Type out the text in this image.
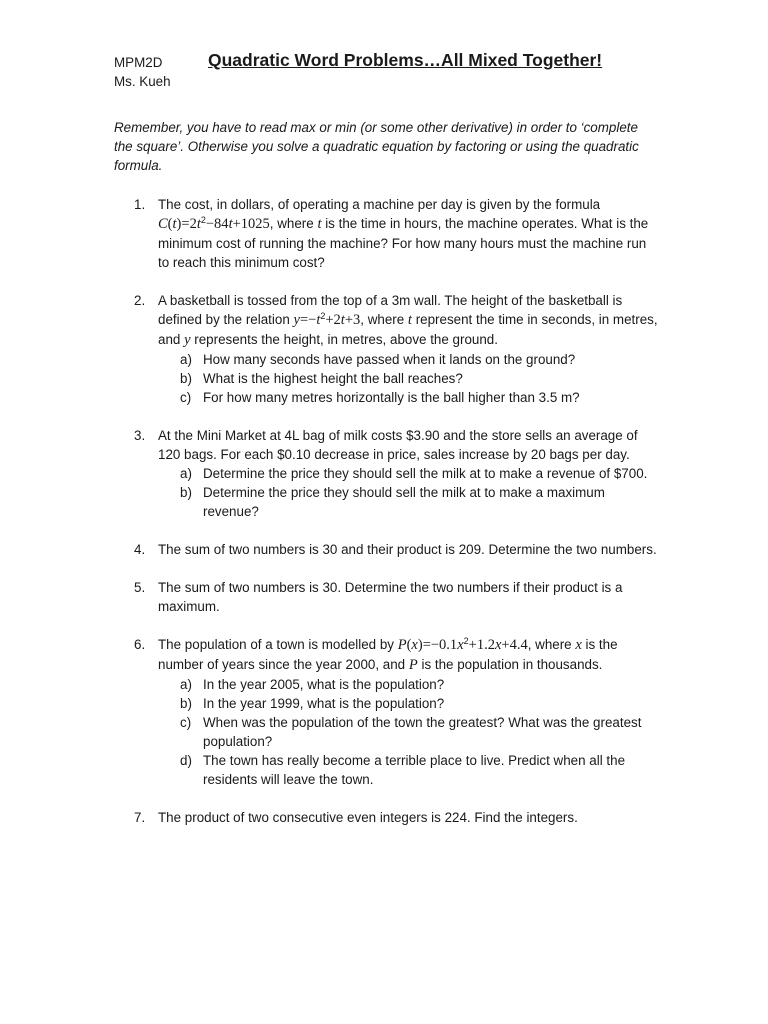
MPM2D
Ms. Kueh
Quadratic Word Problems…All Mixed Together!

Remember, you have to read max or min (or some other derivative) in order to ‘complete the square’. Otherwise you solve a quadratic equation by factoring or using the quadratic formula.

1. The cost, in dollars, of operating a machine per day is given by the formula $C(t)=2t^2-84t+1025$, where t is the time in hours, the machine operates. What is the minimum cost of running the machine? For how many hours must the machine run to reach this minimum cost?
2. A basketball is tossed from the top of a 3m wall. The height of the basketball is defined by the relation $y=-t^2+2t+3$, where t represent the time in seconds, in metres, and y represents the height, in metres, above the ground.
a) How many seconds have passed when it lands on the ground?
b) What is the highest height the ball reaches?
c) For how many metres horizontally is the ball higher than 3.5 m?
3. At the Mini Market at 4L bag of milk costs $3.90 and the store sells an average of 120 bags. For each $0.10 decrease in price, sales increase by 20 bags per day.
a) Determine the price they should sell the milk at to make a revenue of $700.
b) Determine the price they should sell the milk at to make a maximum revenue?
4. The sum of two numbers is 30 and their product is 209. Determine the two numbers.
5. The sum of two numbers is 30. Determine the two numbers if their product is a maximum.
6. The population of a town is modelled by $P(x)=-0.1x^2+1.2x+4.4$, where x is the number of years since the year 2000, and P is the population in thousands.
a) In the year 2005, what is the population?
b) In the year 1999, what is the population?
c) When was the population of the town the greatest? What was the greatest population?
d) The town has really become a terrible place to live. Predict when all the residents will leave the town.
7. The product of two consecutive even integers is 224. Find the integers.
